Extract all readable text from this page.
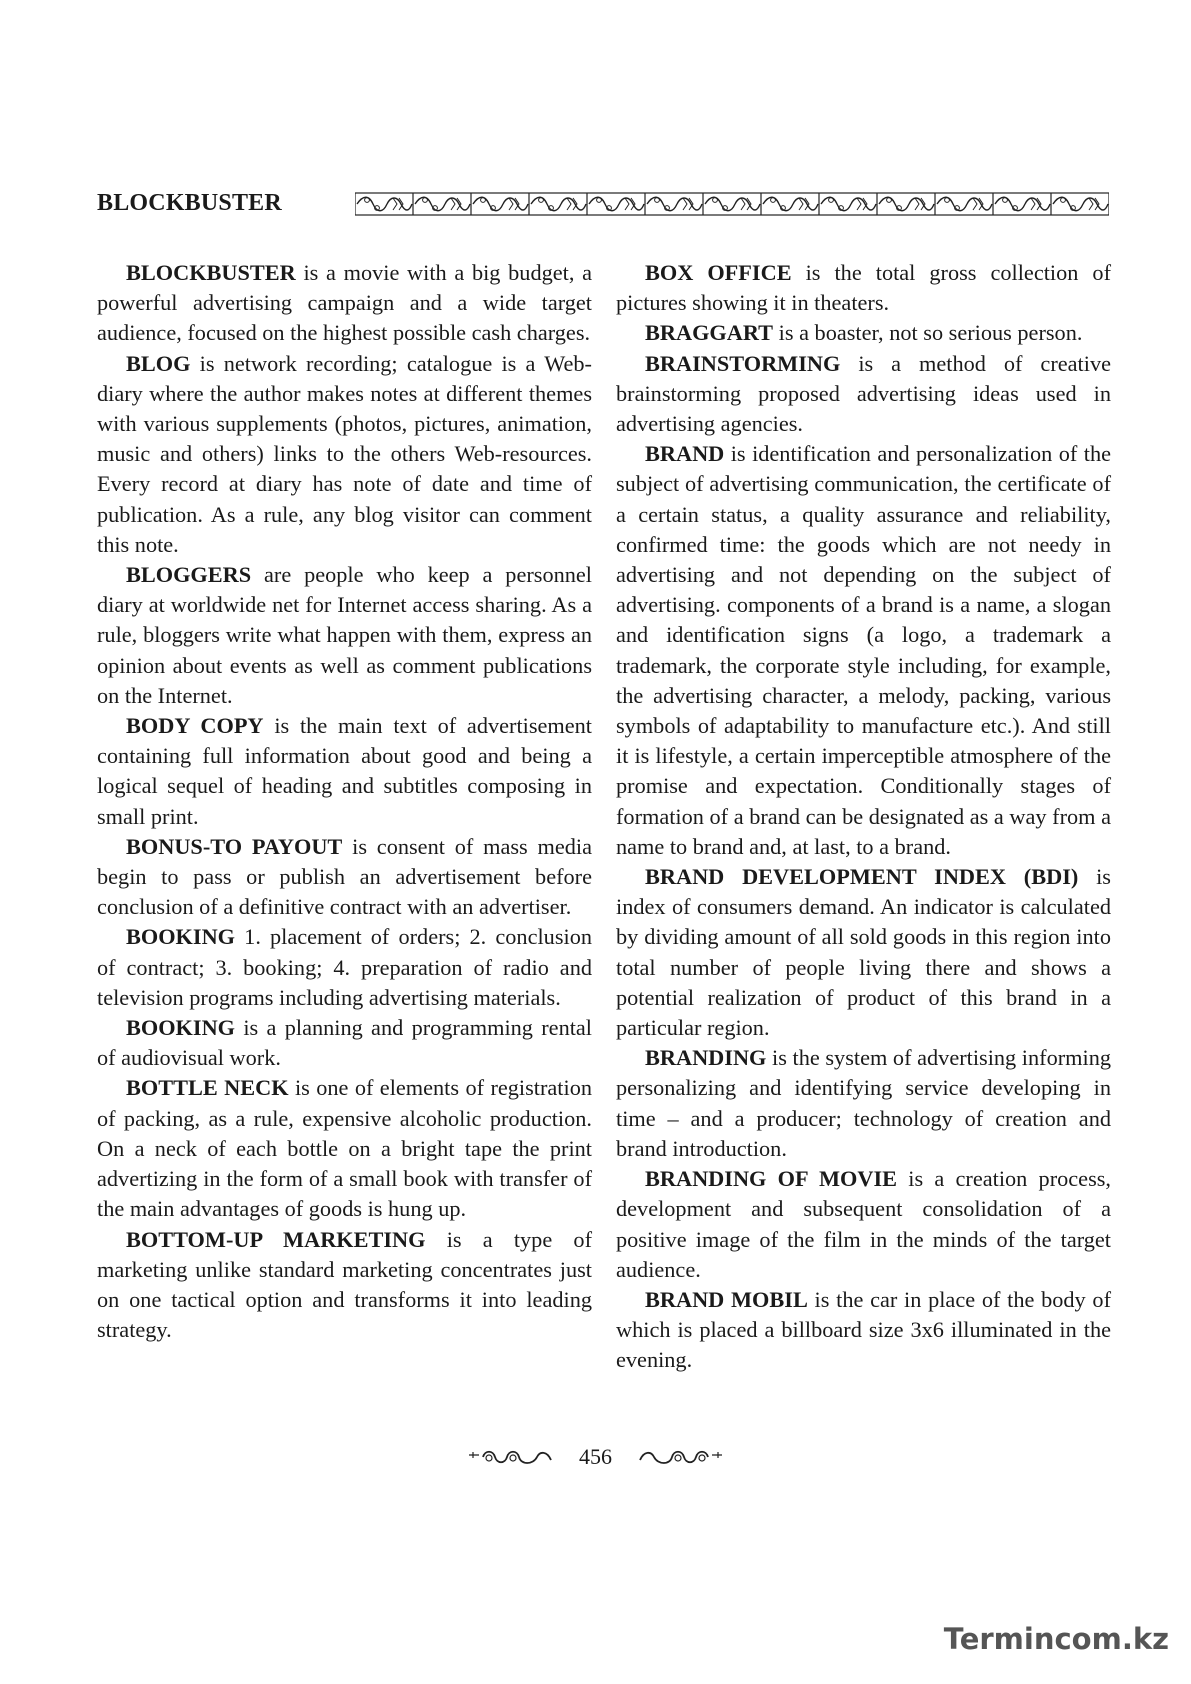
BLOCKBUSTER

BLOCKBUSTER is a movie with a big budget, a powerful advertising campaign and a wide target audience, focused on the highest possible cash charges.

BLOG is network recording; catalogue is a Web-diary where the author makes notes at different themes with various supplements (photos, pictures, animation, music and others) links to the others Web-resources. Every record at diary has note of date and time of publication. As a rule, any blog visitor can comment this note.

BLOGGERS are people who keep a personnel diary at worldwide net for Internet access sharing. As a rule, bloggers write what happen with them, express an opinion about events as well as comment publications on the Internet.

BODY COPY is the main text of advertisement containing full information about good and being a logical sequel of heading and subtitles composing in small print.

BONUS-TO PAYOUT is consent of mass media begin to pass or publish an advertisement before conclusion of a definitive contract with an advertiser.

BOOKING 1. placement of orders; 2. conclusion of contract; 3. booking; 4. preparation of radio and television programs including advertising materials.

BOOKING is a planning and programming rental of audiovisual work.

BOTTLE NECK is one of elements of registration of packing, as a rule, expensive alcoholic production. On a neck of each bottle on a bright tape the print advertizing in the form of a small book with transfer of the main advantages of goods is hung up.

BOTTOM-UP MARKETING is a type of marketing unlike standard marketing concentrates just on one tactical option and transforms it into leading strategy.

BOX OFFICE is the total gross collection of pictures showing it in theaters.

BRAGGART is a boaster, not so serious person.

BRAINSTORMING is a method of creative brainstorming proposed advertising ideas used in advertising agencies.

BRAND is identification and personalization of the subject of advertising communication, the certificate of a certain status, a quality assurance and reliability, confirmed time: the goods which are not needy in advertising and not depending on the subject of advertising. components of a brand is a name, a slogan and identification signs (a logo, a trademark a trademark, the corporate style including, for example, the advertising character, a melody, packing, various symbols of adaptability to manufacture etc.). And still it is lifestyle, a certain imperceptible atmosphere of the promise and expectation. Conditionally stages of formation of a brand can be designated as a way from a name to brand and, at last, to a brand.

BRAND DEVELOPMENT INDEX (BDI) is index of consumers demand. An indicator is calculated by dividing amount of all sold goods in this region into total number of people living there and shows a potential realization of product of this brand in a particular region.

BRANDING is the system of advertising informing personalizing and identifying service developing in time – and a producer; technology of creation and brand introduction.

BRANDING OF MOVIE is a creation process, development and subsequent consolidation of a positive image of the film in the minds of the target audience.

BRAND MOBIL is the car in place of the body of which is placed a billboard size 3x6 illuminated in the evening.

456
Termincom.kz
